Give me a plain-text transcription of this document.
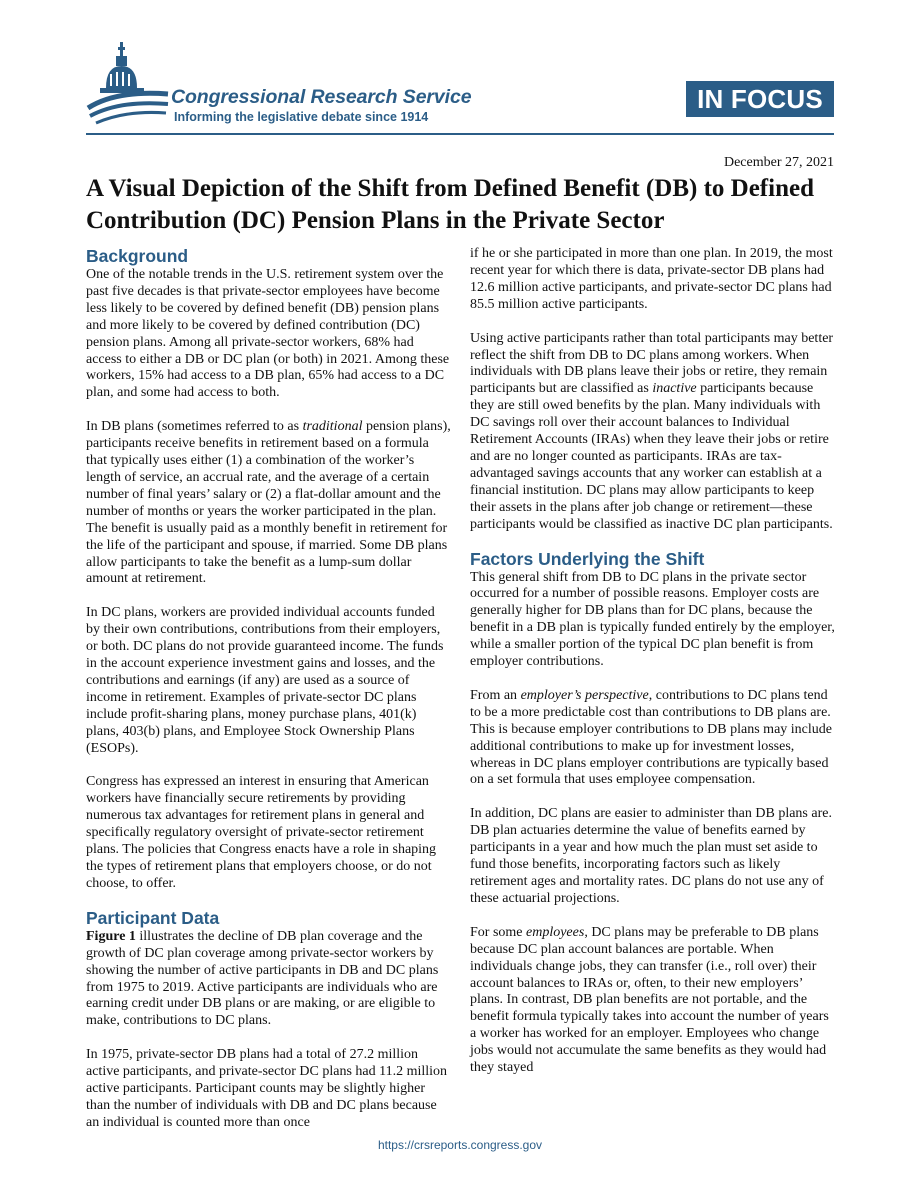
Congressional Research Service
Informing the legislative debate since 1914
IN FOCUS
December 27, 2021
A Visual Depiction of the Shift from Defined Benefit (DB) to Defined Contribution (DC) Pension Plans in the Private Sector
Background

One of the notable trends in the U.S. retirement system over the past five decades is that private-sector employees have become less likely to be covered by defined benefit (DB) pension plans and more likely to be covered by defined contribution (DC) pension plans. Among all private-sector workers, 68% had access to either a DB or DC plan (or both) in 2021. Among these workers, 15% had access to a DB plan, 65% had access to a DC plan, and some had access to both.

In DB plans (sometimes referred to as traditional pension plans), participants receive benefits in retirement based on a formula that typically uses either (1) a combination of the worker’s length of service, an accrual rate, and the average of a certain number of final years’ salary or (2) a flat-dollar amount and the number of months or years the worker participated in the plan. The benefit is usually paid as a monthly benefit in retirement for the life of the participant and spouse, if married. Some DB plans allow participants to take the benefit as a lump-sum dollar amount at retirement.

In DC plans, workers are provided individual accounts funded by their own contributions, contributions from their employers, or both. DC plans do not provide guaranteed income. The funds in the account experience investment gains and losses, and the contributions and earnings (if any) are used as a source of income in retirement. Examples of private-sector DC plans include profit-sharing plans, money purchase plans, 401(k) plans, 403(b) plans, and Employee Stock Ownership Plans (ESOPs).

Congress has expressed an interest in ensuring that American workers have financially secure retirements by providing numerous tax advantages for retirement plans in general and specifically regulatory oversight of private-sector retirement plans. The policies that Congress enacts have a role in shaping the types of retirement plans that employers choose, or do not choose, to offer.

Participant Data

Figure 1 illustrates the decline of DB plan coverage and the growth of DC plan coverage among private-sector workers by showing the number of active participants in DB and DC plans from 1975 to 2019. Active participants are individuals who are earning credit under DB plans or are making, or are eligible to make, contributions to DC plans.

In 1975, private-sector DB plans had a total of 27.2 million active participants, and private-sector DC plans had 11.2 million active participants. Participant counts may be slightly higher than the number of individuals with DB and DC plans because an individual is counted more than once

if he or she participated in more than one plan. In 2019, the most recent year for which there is data, private-sector DB plans had 12.6 million active participants, and private-sector DC plans had 85.5 million active participants.

Using active participants rather than total participants may better reflect the shift from DB to DC plans among workers. When individuals with DB plans leave their jobs or retire, they remain participants but are classified as inactive participants because they are still owed benefits by the plan. Many individuals with DC savings roll over their account balances to Individual Retirement Accounts (IRAs) when they leave their jobs or retire and are no longer counted as participants. IRAs are tax-advantaged savings accounts that any worker can establish at a financial institution. DC plans may allow participants to keep their assets in the plans after job change or retirement—these participants would be classified as inactive DC plan participants.

Factors Underlying the Shift

This general shift from DB to DC plans in the private sector occurred for a number of possible reasons. Employer costs are generally higher for DB plans than for DC plans, because the benefit in a DB plan is typically funded entirely by the employer, while a smaller portion of the typical DC plan benefit is from employer contributions.

From an employer’s perspective, contributions to DC plans tend to be a more predictable cost than contributions to DB plans are. This is because employer contributions to DB plans may include additional contributions to make up for investment losses, whereas in DC plans employer contributions are typically based on a set formula that uses employee compensation.

In addition, DC plans are easier to administer than DB plans are. DB plan actuaries determine the value of benefits earned by participants in a year and how much the plan must set aside to fund those benefits, incorporating factors such as likely retirement ages and mortality rates. DC plans do not use any of these actuarial projections.

For some employees, DC plans may be preferable to DB plans because DC plan account balances are portable. When individuals change jobs, they can transfer (i.e., roll over) their account balances to IRAs or, often, to their new employers’ plans. In contrast, DB plan benefits are not portable, and the benefit formula typically takes into account the number of years a worker has worked for an employer. Employees who change jobs would not accumulate the same benefits as they would had they stayed

https://crsreports.congress.gov
